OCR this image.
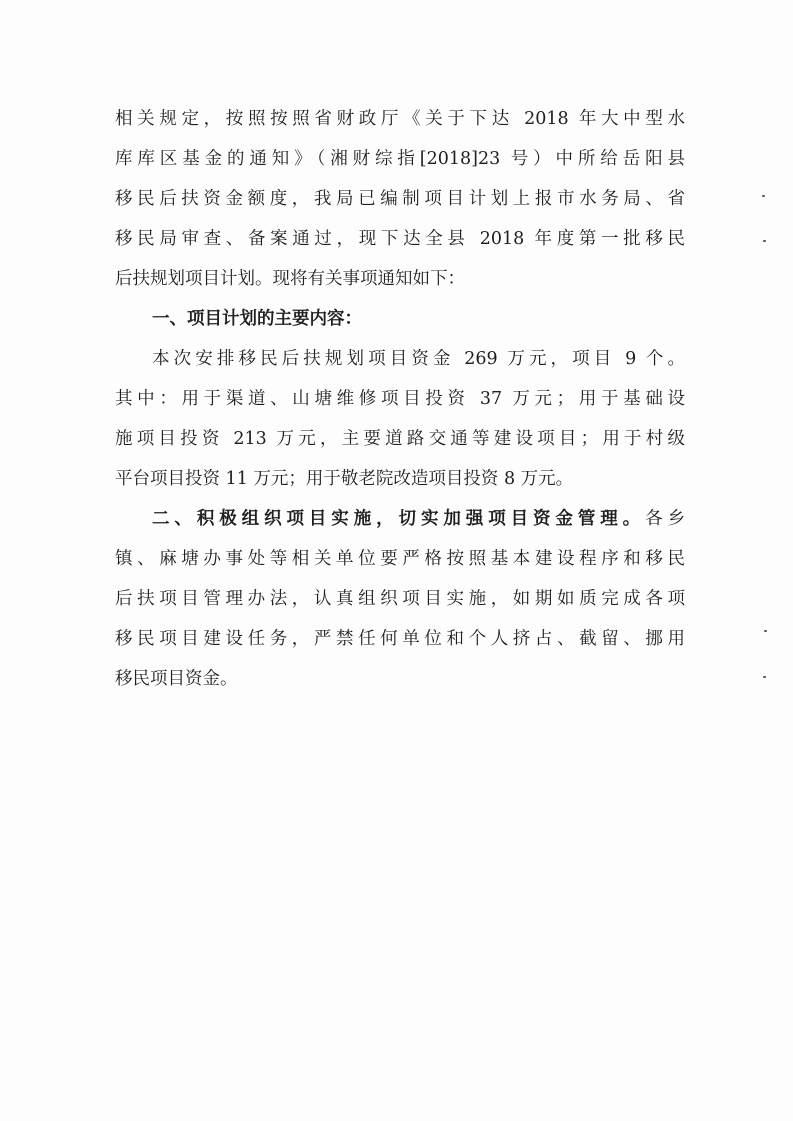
相关规定，按照按照省财政厅《关于下达 2018 年大中型水
库库区基金的通知》（湘财综指[2018]23 号）中所给岳阳县
移民后扶资金额度，我局已编制项目计划上报市水务局、省
移民局审查、备案通过，现下达全县 2018 年度第一批移民
后扶规划项目计划。现将有关事项通知如下：
一、项目计划的主要内容：
本次安排移民后扶规划项目资金 269 万元，项目 9 个。
其中：用于渠道、山塘维修项目投资 37 万元；用于基础设
施项目投资 213 万元，主要道路交通等建设项目；用于村级
平台项目投资 11 万元；用于敬老院改造项目投资 8 万元。
二、积极组织项目实施，切实加强项目资金管理。各乡
镇、麻塘办事处等相关单位要严格按照基本建设程序和移民
后扶项目管理办法，认真组织项目实施，如期如质完成各项
移民项目建设任务，严禁任何单位和个人挤占、截留、挪用
移民项目资金。
